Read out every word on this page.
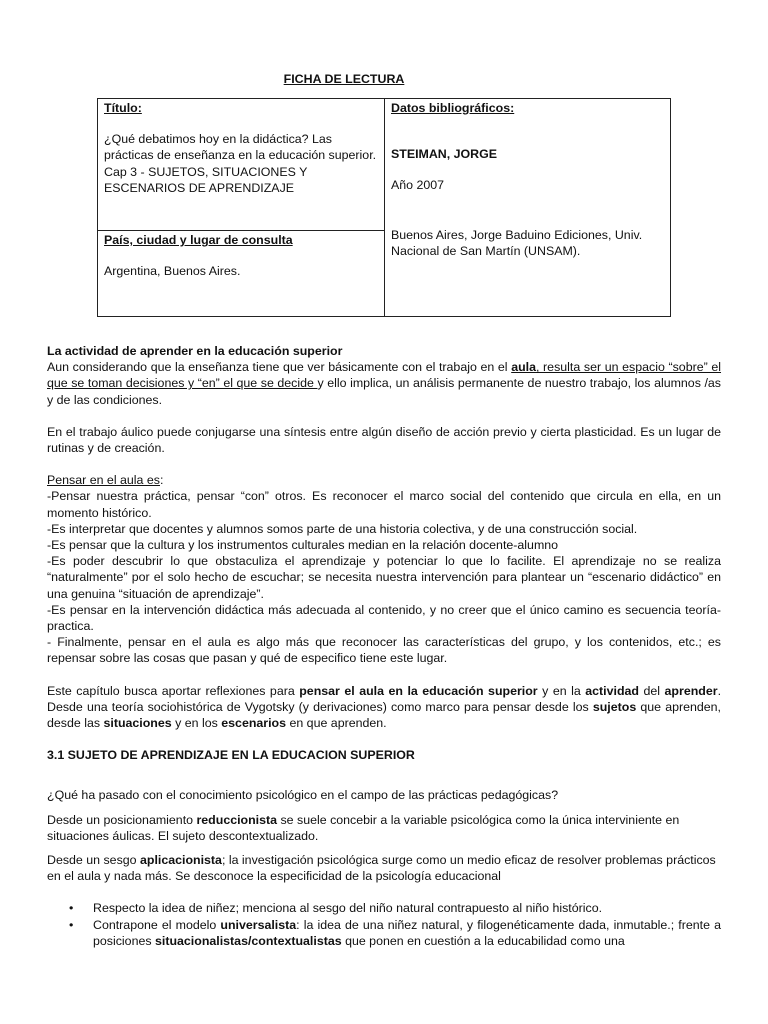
FICHA DE LECTURA
Título:
¿Qué debatimos hoy en la didáctica? Las prácticas de enseñanza en la educación superior.
Cap 3 - SUJETOS, SITUACIONES Y ESCENARIOS DE APRENDIZAJE

Datos bibliográficos:
STEIMAN, JORGE
Año 2007
Buenos Aires, Jorge Baduino Ediciones, Univ. Nacional de San Martín (UNSAM).

País, ciudad y lugar de consulta
Argentina, Buenos Aires.

La actividad de aprender en la educación superior

Aun considerando que la enseñanza tiene que ver básicamente con el trabajo en el aula, resulta ser un espacio “sobre” el que se toman decisiones y “en” el que se decide y ello implica, un análisis permanente de nuestro trabajo, los alumnos /as y de las condiciones.

En el trabajo áulico puede conjugarse una síntesis entre algún diseño de acción previo y cierta plasticidad. Es un lugar de rutinas y de creación.

Pensar en el aula es:

-Pensar nuestra práctica, pensar “con” otros. Es reconocer el marco social del contenido que circula en ella, en un momento histórico.

-Es interpretar que docentes y alumnos somos parte de una historia colectiva, y de una construcción social.

-Es pensar que la cultura y los instrumentos culturales median en la relación docente-alumno

-Es poder descubrir lo que obstaculiza el aprendizaje y potenciar lo que lo facilite. El aprendizaje no se realiza “naturalmente” por el solo hecho de escuchar; se necesita nuestra intervención para plantear un “escenario didáctico” en una genuina “situación de aprendizaje”.

-Es pensar en la intervención didáctica más adecuada al contenido, y no creer que el único camino es secuencia teoría-practica.

- Finalmente, pensar en el aula es algo más que reconocer las características del grupo, y los contenidos, etc.; es repensar sobre las cosas que pasan y qué de especifico tiene este lugar.

Este capítulo busca aportar reflexiones para pensar el aula en la educación superior y en la actividad del aprender. Desde una teoría sociohistórica de Vygotsky (y derivaciones) como marco para pensar desde los sujetos que aprenden, desde las situaciones y en los escenarios en que aprenden.

3.1 SUJETO DE APRENDIZAJE EN LA EDUCACION SUPERIOR

¿Qué ha pasado con el conocimiento psicológico en el campo de las prácticas pedagógicas?

Desde un posicionamiento reduccionista se suele concebir a la variable psicológica como la única interviniente en situaciones áulicas. El sujeto descontextualizado.

Desde un sesgo aplicacionista; la investigación psicológica surge como un medio eficaz de resolver problemas prácticos en el aula y nada más. Se desconoce la especificidad de la psicología educacional

• Respecto la idea de niñez; menciona al sesgo del niño natural contrapuesto al niño histórico.
• Contrapone el modelo universalista: la idea de una niñez natural, y filogenéticamente dada, inmutable.; frente a posiciones situacionalistas/contextualistas que ponen en cuestión a la educabilidad como una
